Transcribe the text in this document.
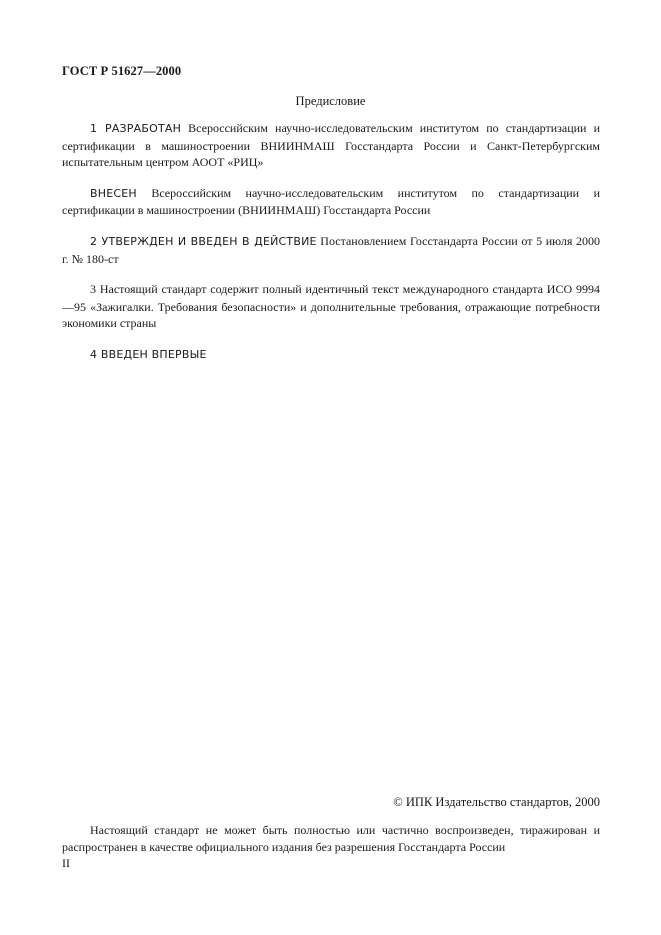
ГОСТ Р 51627—2000
Предисловие

1 РАЗРАБОТАН Всероссийским научно-исследовательским институтом по стандартизации и сертификации в машиностроении ВНИИНМАШ Госстандарта России и Санкт-Петербургским испытательным центром АООТ «РИЦ»

ВНЕСЕН Всероссийским научно-исследовательским институтом по стандартизации и сертификации в машиностроении (ВНИИНМАШ) Госстандарта России

2 УТВЕРЖДЕН И ВВЕДЕН В ДЕЙСТВИЕ Постановлением Госстандарта России от 5 июля 2000 г. № 180-ст

3 Настоящий стандарт содержит полный идентичный текст международного стандарта ИСО 9994—95 «Зажигалки. Требования безопасности» и дополнительные требования, отражающие потребности экономики страны

4 ВВЕДЕН ВПЕРВЫЕ

© ИПК Издательство стандартов, 2000
Настоящий стандарт не может быть полностью или частично воспроизведен, тиражирован и распространен в качестве официального издания без разрешения Госстандарта России
II
